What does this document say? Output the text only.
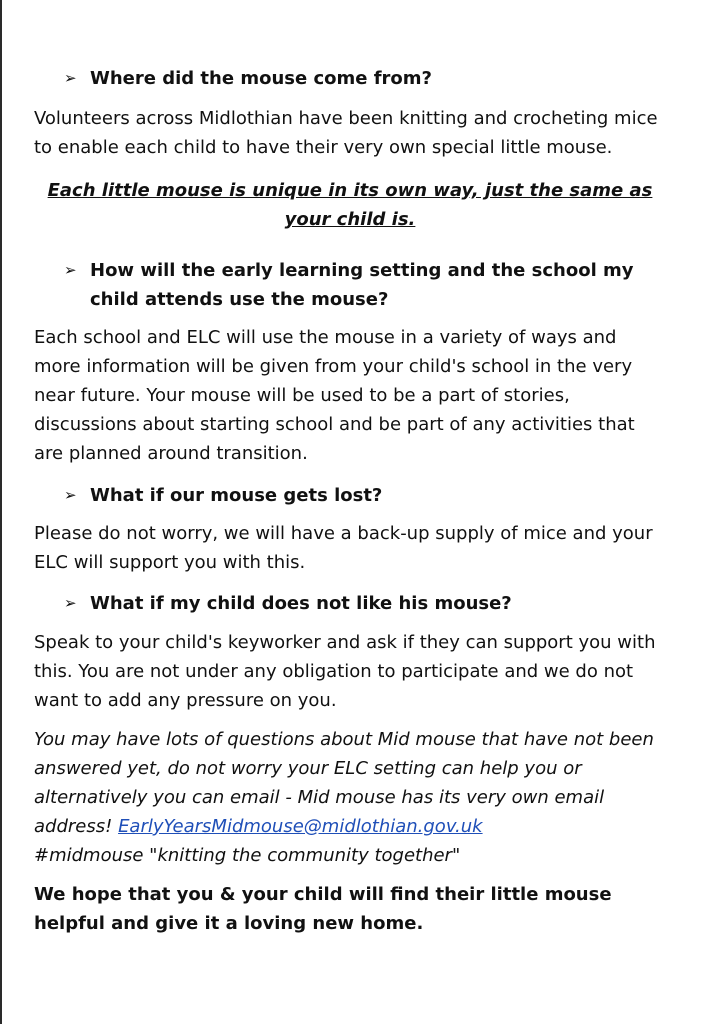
➢ Where did the mouse come from?

Volunteers across Midlothian have been knitting and crocheting mice to enable each child to have their very own special little mouse.

Each little mouse is unique in its own way, just the same as your child is.
➢ How will the early learning setting and the school my child attends use the mouse?

Each school and ELC will use the mouse in a variety of ways and more information will be given from your child's school in the very near future. Your mouse will be used to be a part of stories, discussions about starting school and be part of any activities that are planned around transition.

➢ What if our mouse gets lost?

Please do not worry, we will have a back-up supply of mice and your ELC will support you with this.

➢ What if my child does not like his mouse?

Speak to your child's keyworker and ask if they can support you with this. You are not under any obligation to participate and we do not want to add any pressure on you.

You may have lots of questions about Mid mouse that have not been answered yet, do not worry your ELC setting can help you or alternatively you can email - Mid mouse has its very own email address! EarlyYearsMidmouse@midlothian.gov.uk
#midmouse "knitting the community together"

We hope that you & your child will find their little mouse helpful and give it a loving new home.
